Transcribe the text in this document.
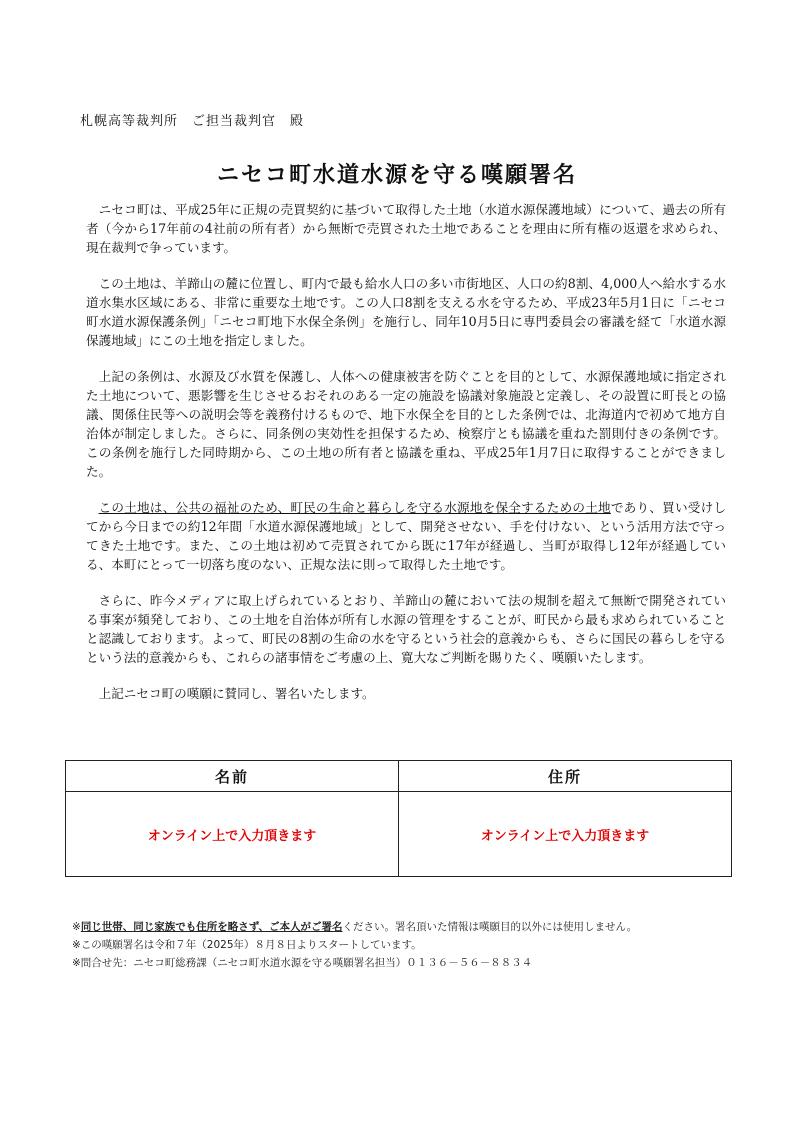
札幌高等裁判所　ご担当裁判官　殿
ニセコ町水道水源を守る嘆願署名

ニセコ町は、平成25年に正規の売買契約に基づいて取得した土地（水道水源保護地域）について、過去の所有者（今から17年前の4社前の所有者）から無断で売買された土地であることを理由に所有権の返還を求められ、現在裁判で争っています。

この土地は、羊蹄山の麓に位置し、町内で最も給水人口の多い市街地区、人口の約8割、4,000人へ給水する水道水集水区域にある、非常に重要な土地です。この人口8割を支える水を守るため、平成23年5月1日に「ニセコ町水道水源保護条例」「ニセコ町地下水保全条例」を施行し、同年10月5日に専門委員会の審議を経て「水道水源保護地域」にこの土地を指定しました。

上記の条例は、水源及び水質を保護し、人体への健康被害を防ぐことを目的として、水源保護地域に指定された土地について、悪影響を生じさせるおそれのある一定の施設を協議対象施設と定義し、その設置に町長との協議、関係住民等への説明会等を義務付けるもので、地下水保全を目的とした条例では、北海道内で初めて地方自治体が制定しました。さらに、同条例の実効性を担保するため、検察庁とも協議を重ねた罰則付きの条例です。この条例を施行した同時期から、この土地の所有者と協議を重ね、平成25年1月7日に取得することができました。

この土地は、公共の福祉のため、町民の生命と暮らしを守る水源地を保全するための土地であり、買い受けしてから今日までの約12年間「水道水源保護地域」として、開発させない、手を付けない、という活用方法で守ってきた土地です。また、この土地は初めて売買されてから既に17年が経過し、当町が取得し12年が経過している、本町にとって一切落ち度のない、正規な法に則って取得した土地です。

さらに、昨今メディアに取上げられているとおり、羊蹄山の麓において法の規制を超えて無断で開発されている事案が頻発しており、この土地を自治体が所有し水源の管理をすることが、町民から最も求められていることと認識しております。よって、町民の8割の生命の水を守るという社会的意義からも、さらに国民の暮らしを守るという法的意義からも、これらの諸事情をご考慮の上、寛大なご判断を賜りたく、嘆願いたします。

上記ニセコ町の嘆願に賛同し、署名いたします。

名前	住所
オンライン上で入力頂きます	オンライン上で入力頂きます

※同じ世帯、同じ家族でも住所を略さず、ご本人がご署名ください。署名頂いた情報は嘆願目的以外には使用しません。

※この嘆願署名は令和７年（2025年）８月８日よりスタートしています。

※問合せ先：ニセコ町総務課（ニセコ町水道水源を守る嘆願署名担当）０１３６－５６－８８３４
